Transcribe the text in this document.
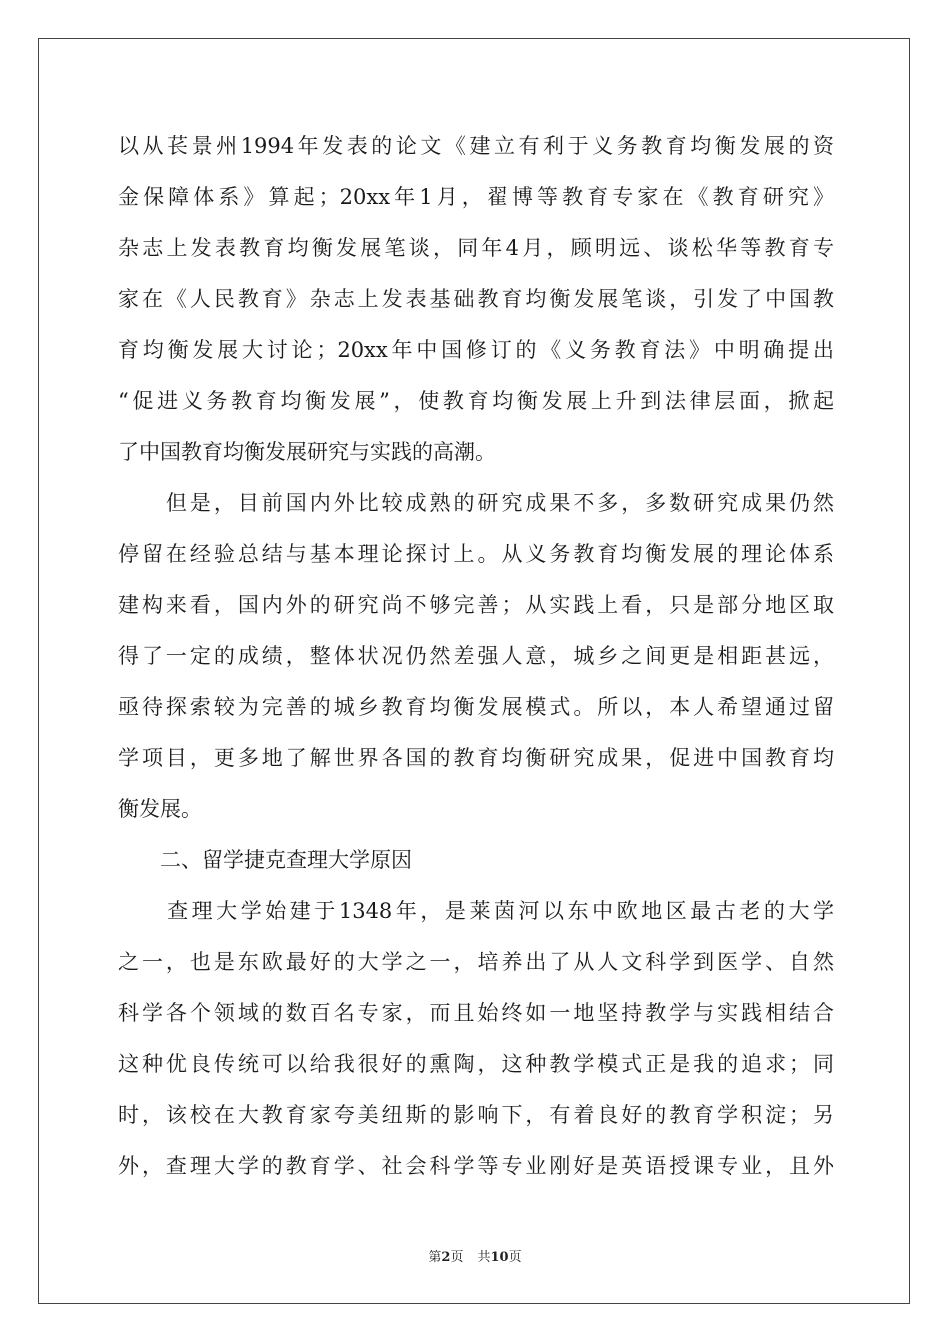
以从苌景州1994年发表的论文《建立有利于义务教育均衡发展的资
金保障体系》算起；20xx年1月，翟博等教育专家在《教育研究》
杂志上发表教育均衡发展笔谈，同年4月，顾明远、谈松华等教育专
家在《人民教育》杂志上发表基础教育均衡发展笔谈，引发了中国教
育均衡发展大讨论；20xx年中国修订的《义务教育法》中明确提出
“促进义务教育均衡发展”，使教育均衡发展上升到法律层面，掀起
了中国教育均衡发展研究与实践的高潮。
　　但是，目前国内外比较成熟的研究成果不多，多数研究成果仍然
停留在经验总结与基本理论探讨上。从义务教育均衡发展的理论体系
建构来看，国内外的研究尚不够完善；从实践上看，只是部分地区取
得了一定的成绩，整体状况仍然差强人意，城乡之间更是相距甚远，
亟待探索较为完善的城乡教育均衡发展模式。所以，本人希望通过留
学项目，更多地了解世界各国的教育均衡研究成果，促进中国教育均
衡发展。
　　二、留学捷克查理大学原因
　　查理大学始建于1348年，是莱茵河以东中欧地区最古老的大学
之一，也是东欧最好的大学之一，培养出了从人文科学到医学、自然
科学各个领域的数百名专家，而且始终如一地坚持教学与实践相结合
这种优良传统可以给我很好的熏陶，这种教学模式正是我的追求；同
时，该校在大教育家夸美纽斯的影响下，有着良好的教育学积淀；另
外，查理大学的教育学、社会科学等专业刚好是英语授课专业，且外
第2页 共10页
